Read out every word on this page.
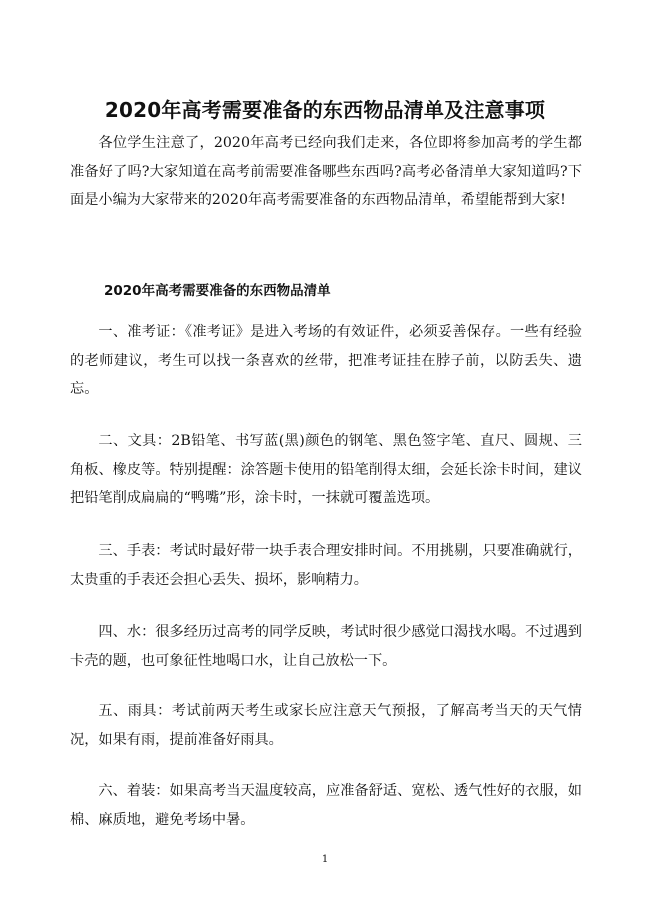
2020年高考需要准备的东西物品清单及注意事项

各位学生注意了，2020年高考已经向我们走来，各位即将参加高考的学生都准备好了吗?大家知道在高考前需要准备哪些东西吗?高考必备清单大家知道吗?下面是小编为大家带来的2020年高考需要准备的东西物品清单，希望能帮到大家!

2020年高考需要准备的东西物品清单

一、准考证：《准考证》是进入考场的有效证件，必须妥善保存。一些有经验的老师建议，考生可以找一条喜欢的丝带，把准考证挂在脖子前，以防丢失、遗忘。

二、文具：2B铅笔、书写蓝(黑)颜色的钢笔、黑色签字笔、直尺、圆规、三角板、橡皮等。特别提醒：涂答题卡使用的铅笔削得太细，会延长涂卡时间，建议把铅笔削成扁扁的“鸭嘴”形，涂卡时，一抹就可覆盖选项。

三、手表：考试时最好带一块手表合理安排时间。不用挑剔，只要准确就行，太贵重的手表还会担心丢失、损坏，影响精力。

四、水：很多经历过高考的同学反映，考试时很少感觉口渴找水喝。不过遇到卡壳的题，也可象征性地喝口水，让自己放松一下。

五、雨具：考试前两天考生或家长应注意天气预报，了解高考当天的天气情况，如果有雨，提前准备好雨具。

六、着装：如果高考当天温度较高，应准备舒适、宽松、透气性好的衣服，如棉、麻质地，避免考场中暑。

1
